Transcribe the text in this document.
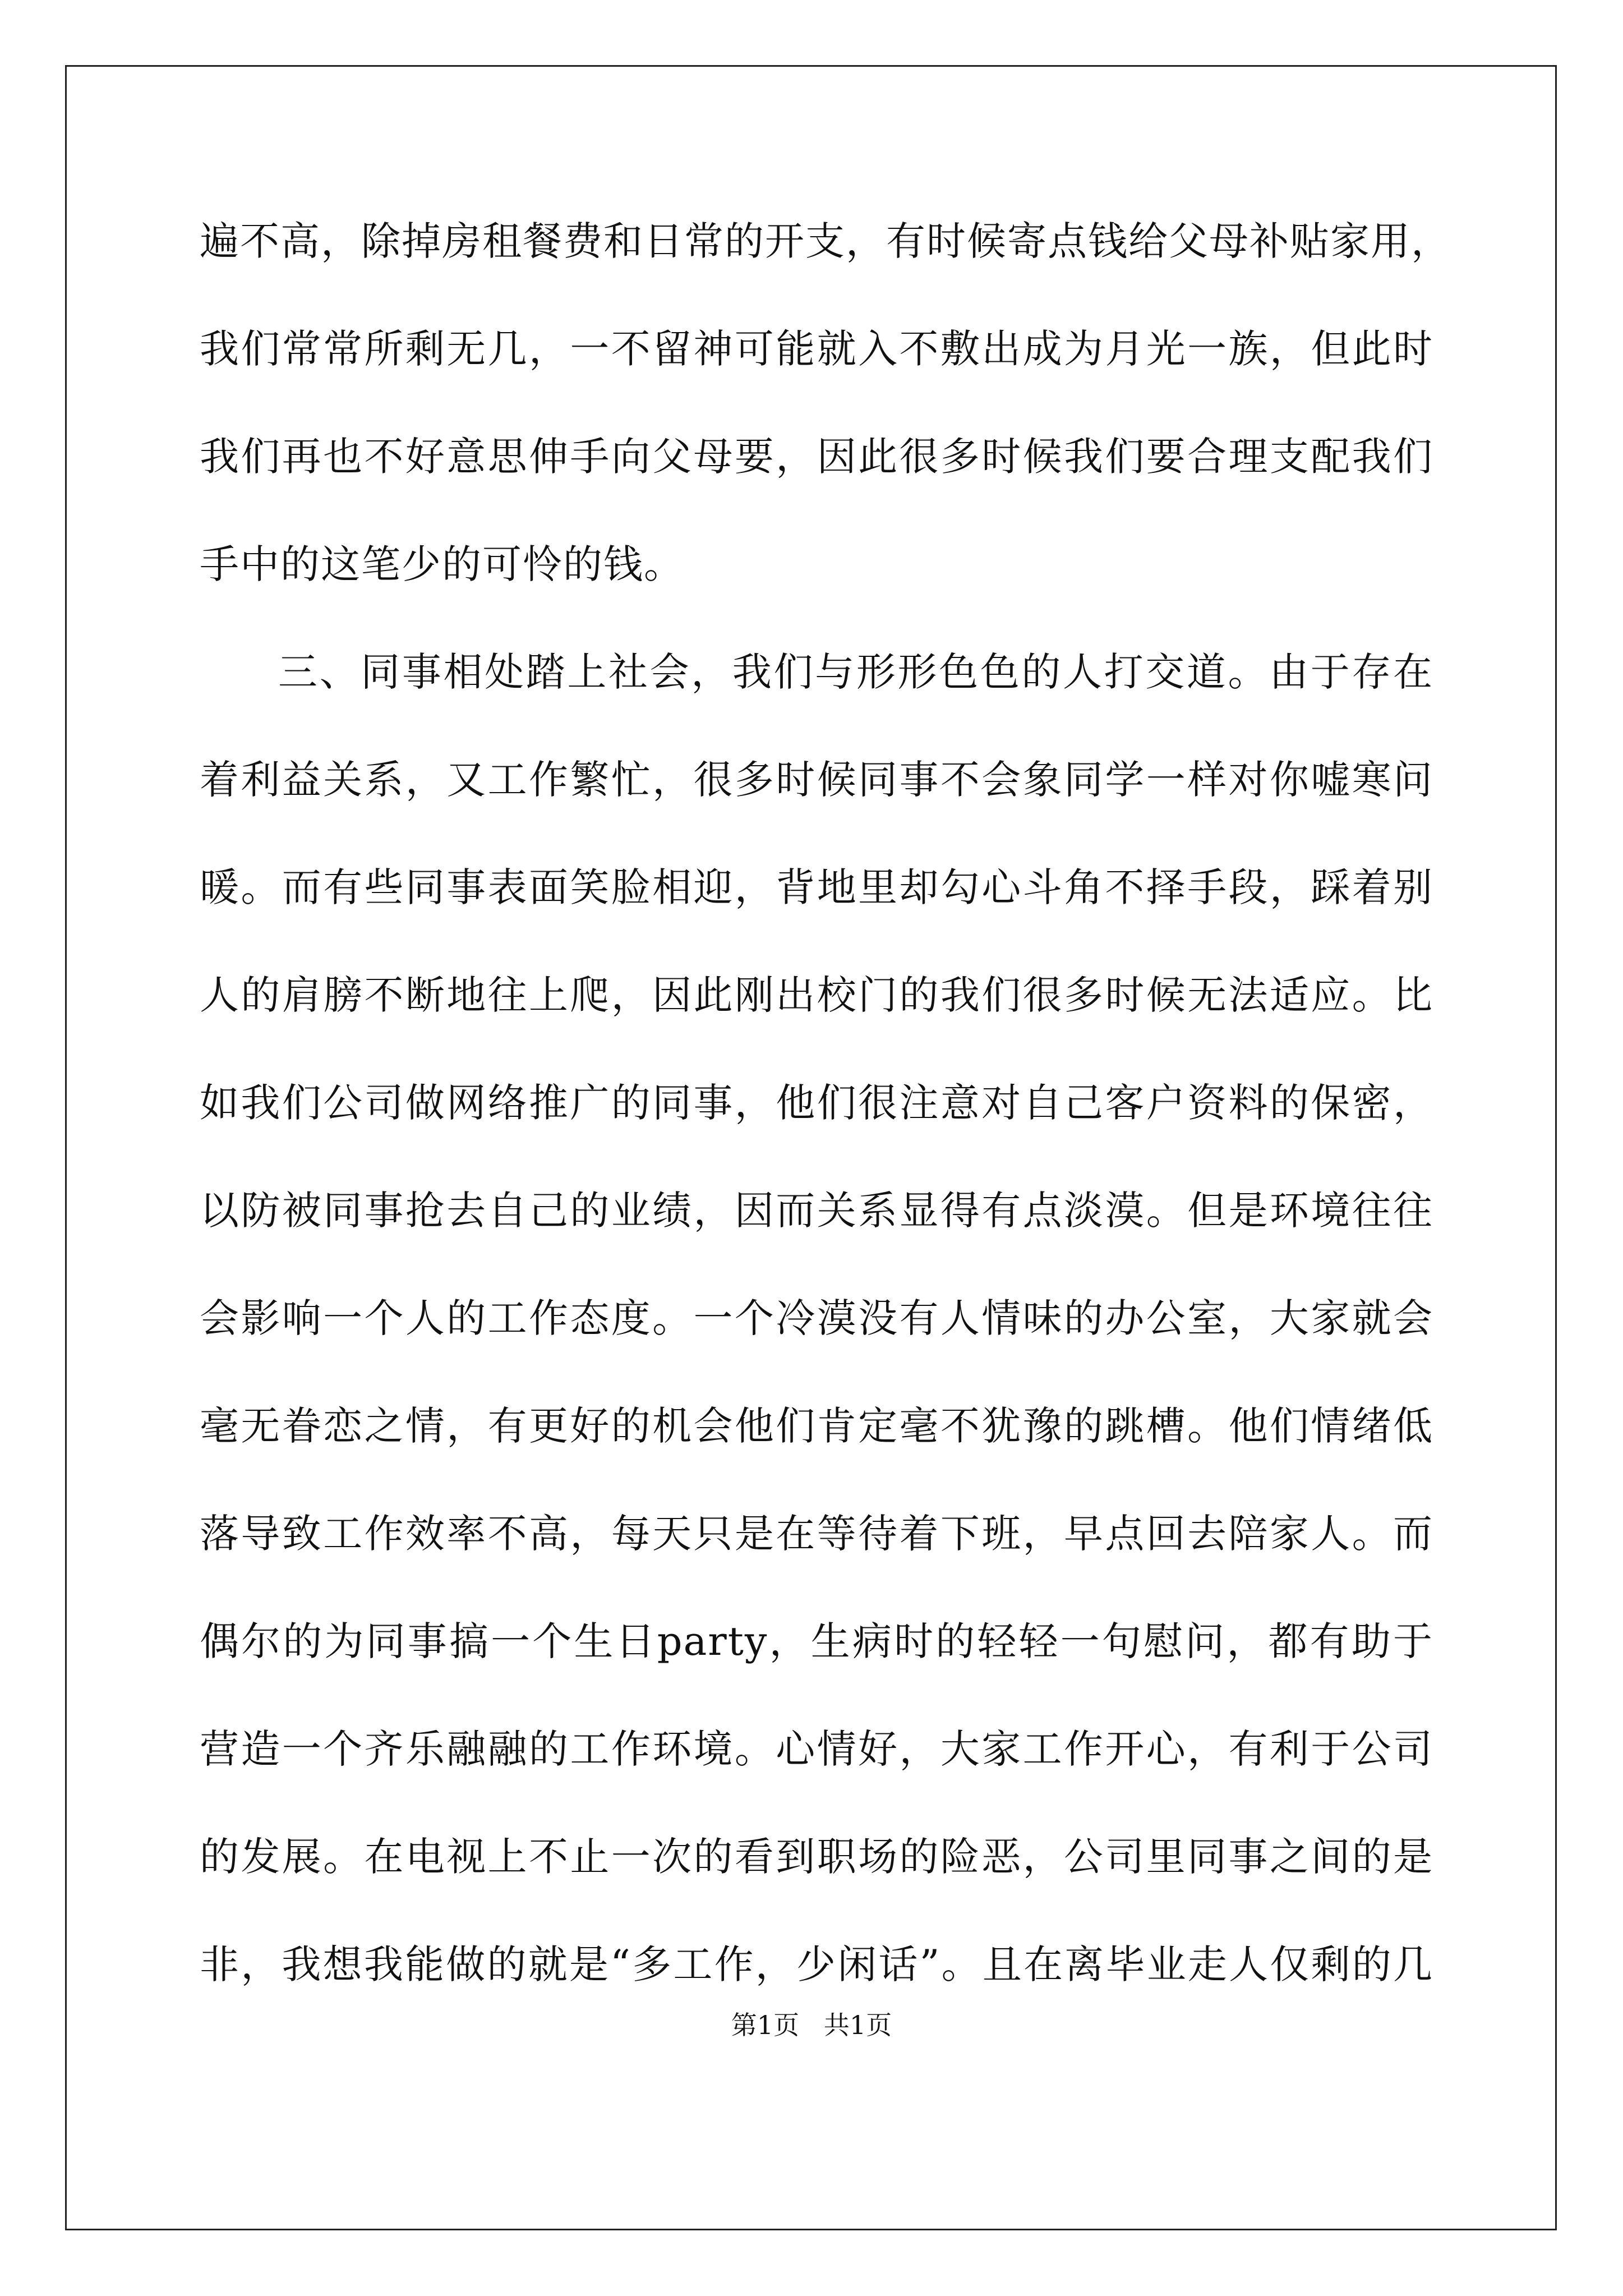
遍不高，除掉房租餐费和日常的开支，有时候寄点钱给父母补贴家用，
我们常常所剩无几，一不留神可能就入不敷出成为月光一族，但此时
我们再也不好意思伸手向父母要，因此很多时候我们要合理支配我们
手中的这笔少的可怜的钱。
三、同事相处踏上社会，我们与形形色色的人打交道。由于存在
着利益关系，又工作繁忙，很多时候同事不会象同学一样对你嘘寒问
暖。而有些同事表面笑脸相迎，背地里却勾心斗角不择手段，踩着别
人的肩膀不断地往上爬，因此刚出校门的我们很多时候无法适应。比
如我们公司做网络推广的同事，他们很注意对自己客户资料的保密，
以防被同事抢去自己的业绩，因而关系显得有点淡漠。但是环境往往
会影响一个人的工作态度。一个冷漠没有人情味的办公室，大家就会
毫无眷恋之情，有更好的机会他们肯定毫不犹豫的跳槽。他们情绪低
落导致工作效率不高，每天只是在等待着下班，早点回去陪家人。而
偶尔的为同事搞一个生日party，生病时的轻轻一句慰问，都有助于
营造一个齐乐融融的工作环境。心情好，大家工作开心，有利于公司
的发展。在电视上不止一次的看到职场的险恶，公司里同事之间的是
非，我想我能做的就是“多工作，少闲话”。且在离毕业走人仅剩的几
第1页   共1页
